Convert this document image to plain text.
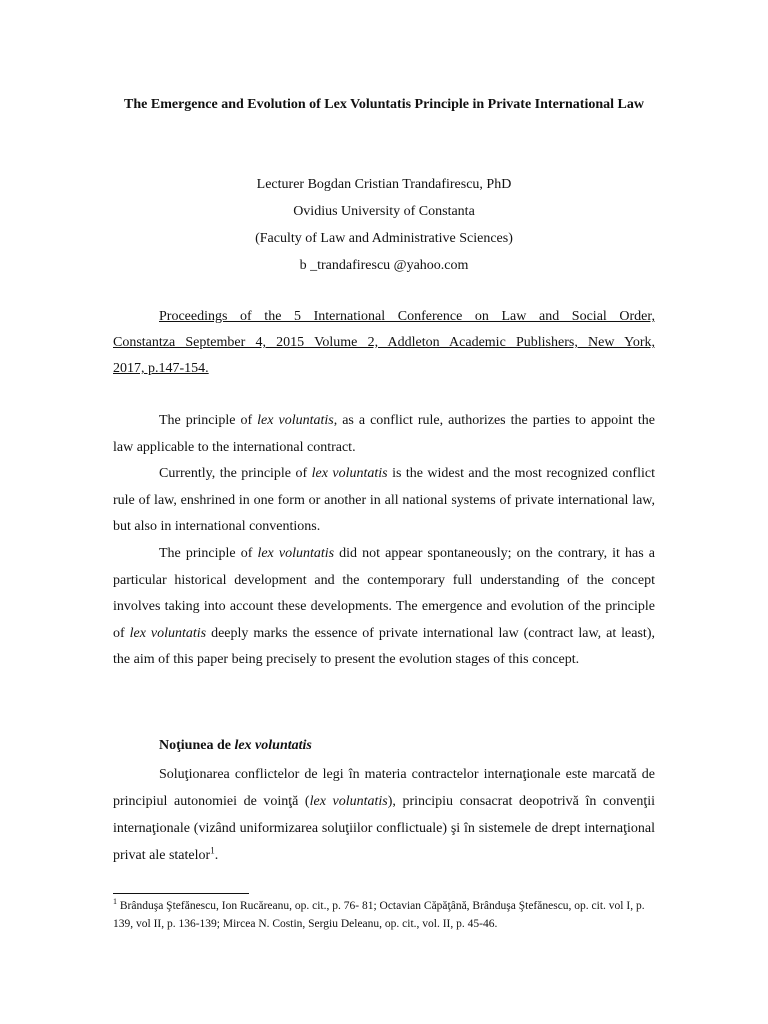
The Emergence and Evolution of Lex Voluntatis Principle in Private International Law
Lecturer Bogdan Cristian Trandafirescu, PhD
Ovidius University of Constanta
(Faculty of Law and Administrative Sciences)
b _trandafirescu @yahoo.com
Proceedings of the 5 International Conference on Law and Social Order,
Constantza September 4, 2015 Volume 2, Addleton Academic Publishers, New York,
2017, p.147-154.

The principle of lex voluntatis, as a conflict rule, authorizes the parties to appoint the law applicable to the international contract.

Currently, the principle of lex voluntatis is the widest and the most recognized conflict rule of law, enshrined in one form or another in all national systems of private international law, but also in international conventions.

The principle of lex voluntatis did not appear spontaneously; on the contrary, it has a particular historical development and the contemporary full understanding of the concept involves taking into account these developments. The emergence and evolution of the principle of lex voluntatis deeply marks the essence of private international law (contract law, at least), the aim of this paper being precisely to present the evolution stages of this concept.

Noţiunea de lex voluntatis

Soluţionarea conflictelor de legi în materia contractelor internaţionale este marcată de principiul autonomiei de voinţă (lex voluntatis), principiu consacrat deopotrivă în convenţii internaţionale (vizând uniformizarea soluţiilor conflictuale) şi în sistemele de drept internaţional privat ale statelor$^1$.

$^1$ Brânduşa Ştefănescu, Ion Rucăreanu, op. cit., p. 76- 81; Octavian Căpăţână, Brânduşa Ştefănescu, op. cit. vol I, p. 139, vol II, p. 136-139; Mircea N. Costin, Sergiu Deleanu, op. cit., vol. II, p. 45-46.
